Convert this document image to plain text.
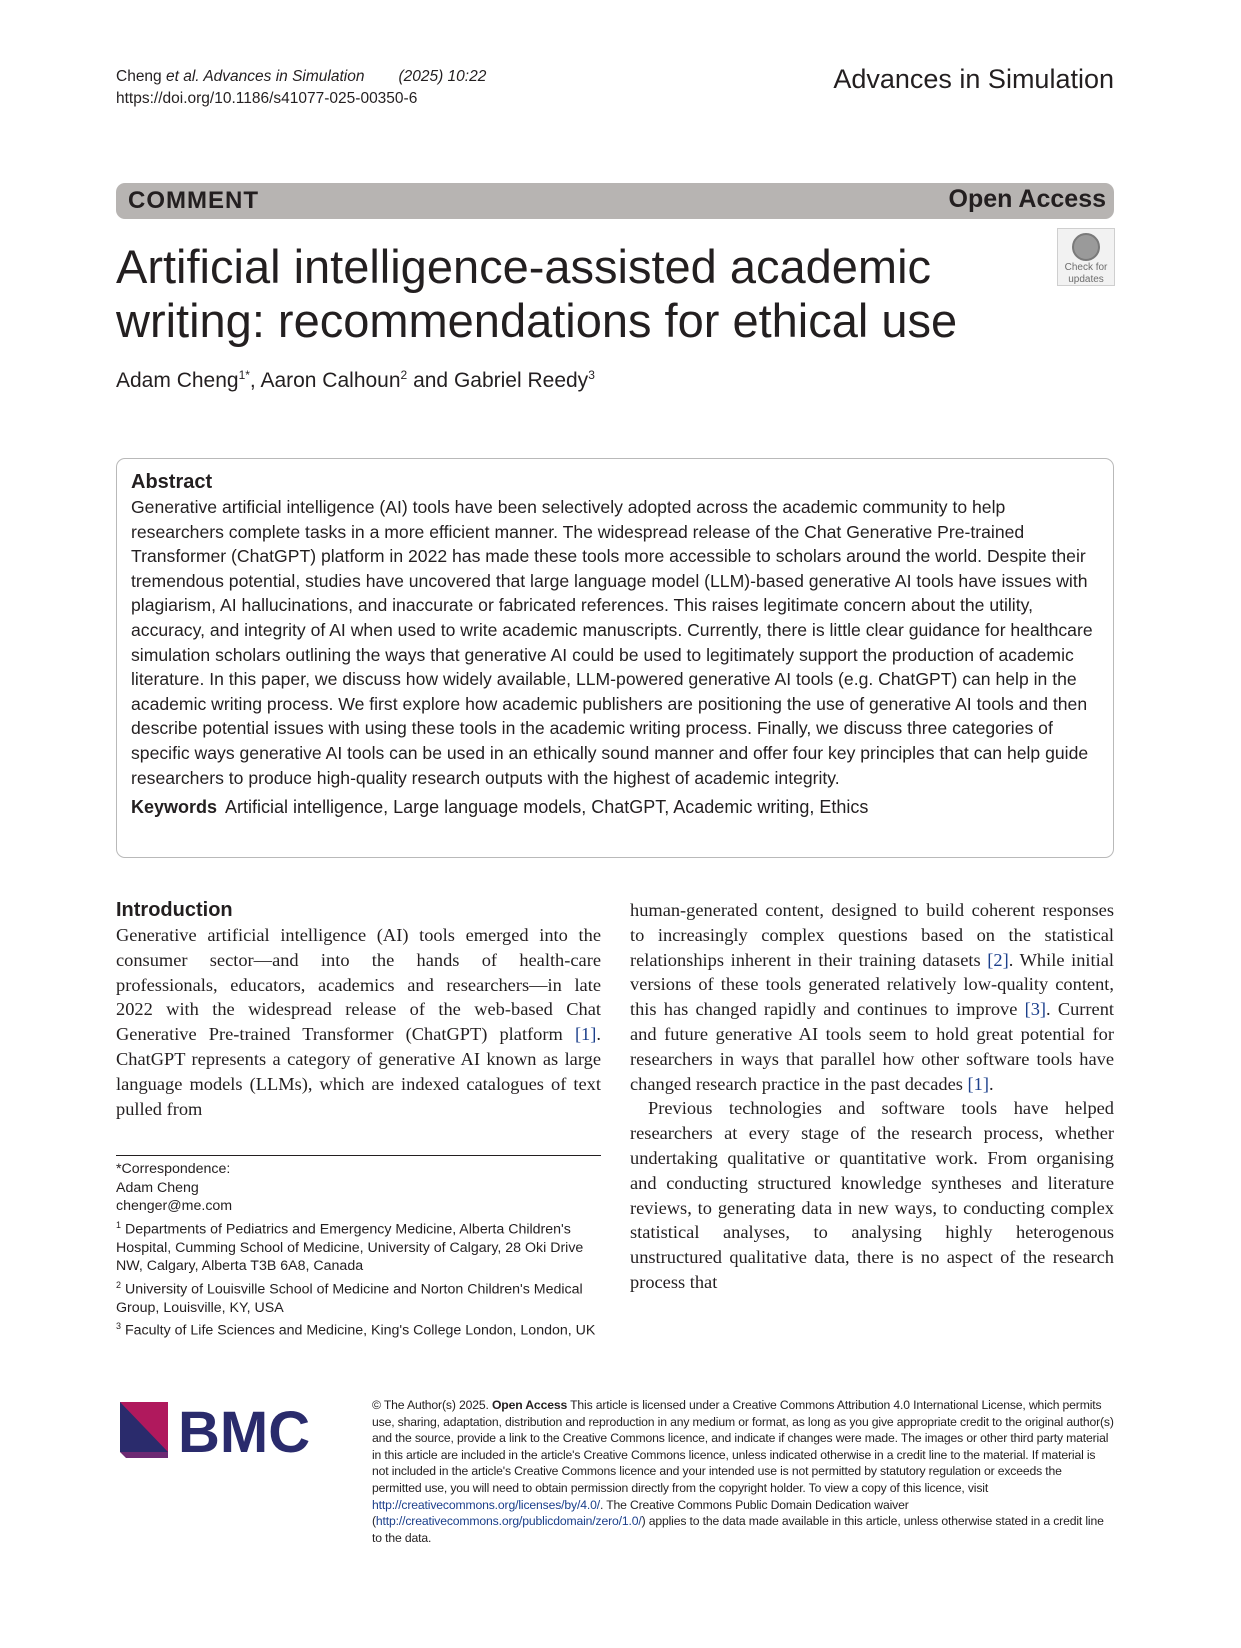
Cheng et al. Advances in Simulation (2025) 10:22
https://doi.org/10.1186/s41077-025-00350-6
Advances in Simulation
COMMENT	Open Access
Artificial intelligence-assisted academic writing: recommendations for ethical use
Check for
updates
Adam Cheng$^{1*}$, Aaron Calhoun$^2$ and Gabriel Reedy$^3$
Abstract

Generative artificial intelligence (AI) tools have been selectively adopted across the academic community to help researchers complete tasks in a more efficient manner. The widespread release of the Chat Generative Pre-trained Transformer (ChatGPT) platform in 2022 has made these tools more accessible to scholars around the world. Despite their tremendous potential, studies have uncovered that large language model (LLM)-based generative AI tools have issues with plagiarism, AI hallucinations, and inaccurate or fabricated references. This raises legitimate concern about the utility, accuracy, and integrity of AI when used to write academic manuscripts. Currently, there is little clear guidance for healthcare simulation scholars outlining the ways that generative AI could be used to legitimately support the production of academic literature. In this paper, we discuss how widely available, LLM-powered generative AI tools (e.g. ChatGPT) can help in the academic writing process. We first explore how academic publishers are positioning the use of generative AI tools and then describe potential issues with using these tools in the academic writing process. Finally, we discuss three categories of specific ways generative AI tools can be used in an ethically sound manner and offer four key principles that can help guide researchers to produce high-quality research outputs with the highest of academic integrity.

Keywords Artificial intelligence, Large language models, ChatGPT, Academic writing, Ethics
Introduction

Generative artificial intelligence (AI) tools emerged into the consumer sector—and into the hands of health-care professionals, educators, academics and researchers—in late 2022 with the widespread release of the web-based Chat Generative Pre-trained Transformer (ChatGPT) platform [1]. ChatGPT represents a category of generative AI known as large language models (LLMs), which are indexed catalogues of text pulled from

human-generated content, designed to build coherent responses to increasingly complex questions based on the statistical relationships inherent in their training datasets [2]. While initial versions of these tools generated relatively low-quality content, this has changed rapidly and continues to improve [3]. Current and future generative AI tools seem to hold great potential for researchers in ways that parallel how other software tools have changed research practice in the past decades [1].

Previous technologies and software tools have helped researchers at every stage of the research process, whether undertaking qualitative or quantitative work. From organising and conducting structured knowledge syntheses and literature reviews, to generating data in new ways, to conducting complex statistical analyses, to analysing highly heterogenous unstructured qualitative data, there is no aspect of the research process that

*Correspondence:

Adam Cheng

chenger@me.com

$^1$ Departments of Pediatrics and Emergency Medicine, Alberta Children's Hospital, Cumming School of Medicine, University of Calgary, 28 Oki Drive NW, Calgary, Alberta T3B 6A8, Canada

$^2$ University of Louisville School of Medicine and Norton Children's Medical Group, Louisville, KY, USA

$^3$ Faculty of Life Sciences and Medicine, King's College London, London, UK

BMC	© The Author(s) 2025. Open Access This article is licensed under a Creative Commons Attribution 4.0 International License, which permits use, sharing, adaptation, distribution and reproduction in any medium or format, as long as you give appropriate credit to the original author(s) and the source, provide a link to the Creative Commons licence, and indicate if changes were made. The images or other third party material in this article are included in the article's Creative Commons licence, unless indicated otherwise in a credit line to the material. If material is not included in the article's Creative Commons licence and your intended use is not permitted by statutory regulation or exceeds the permitted use, you will need to obtain permission directly from the copyright holder. To view a copy of this licence, visit http://creativecommons.org/licenses/by/4.0/. The Creative Commons Public Domain Dedication waiver (http://creativecommons.org/publicdomain/zero/1.0/) applies to the data made available in this article, unless otherwise stated in a credit line to the data.
